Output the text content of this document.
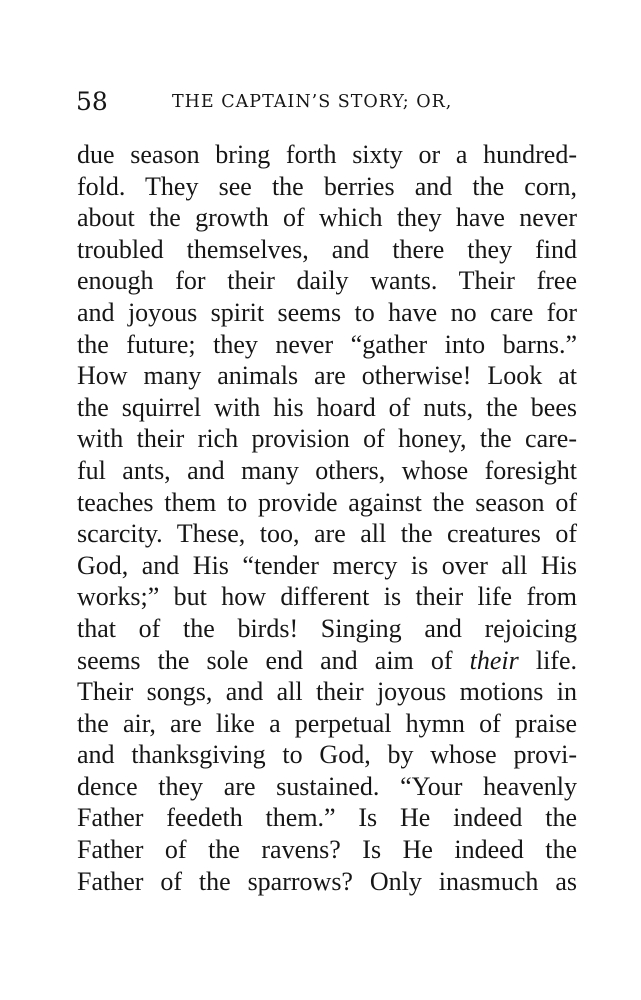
58	THE CAPTAIN’S STORY; OR,
due season bring forth sixty or a hundred-
fold. They see the berries and the corn,
about the growth of which they have never
troubled themselves, and there they find
enough for their daily wants. Their free
and joyous spirit seems to have no care for
the future; they never “gather into barns.”
How many animals are otherwise! Look at
the squirrel with his hoard of nuts, the bees
with their rich provision of honey, the care-
ful ants, and many others, whose foresight
teaches them to provide against the season of
scarcity. These, too, are all the creatures of
God, and His “tender mercy is over all His
works;” but how different is their life from
that of the birds! Singing and rejoicing
seems the sole end and aim of their life.
Their songs, and all their joyous motions in
the air, are like a perpetual hymn of praise
and thanksgiving to God, by whose provi-
dence they are sustained. “Your heavenly
Father feedeth them.” Is He indeed the
Father of the ravens? Is He indeed the
Father of the sparrows? Only inasmuch as
